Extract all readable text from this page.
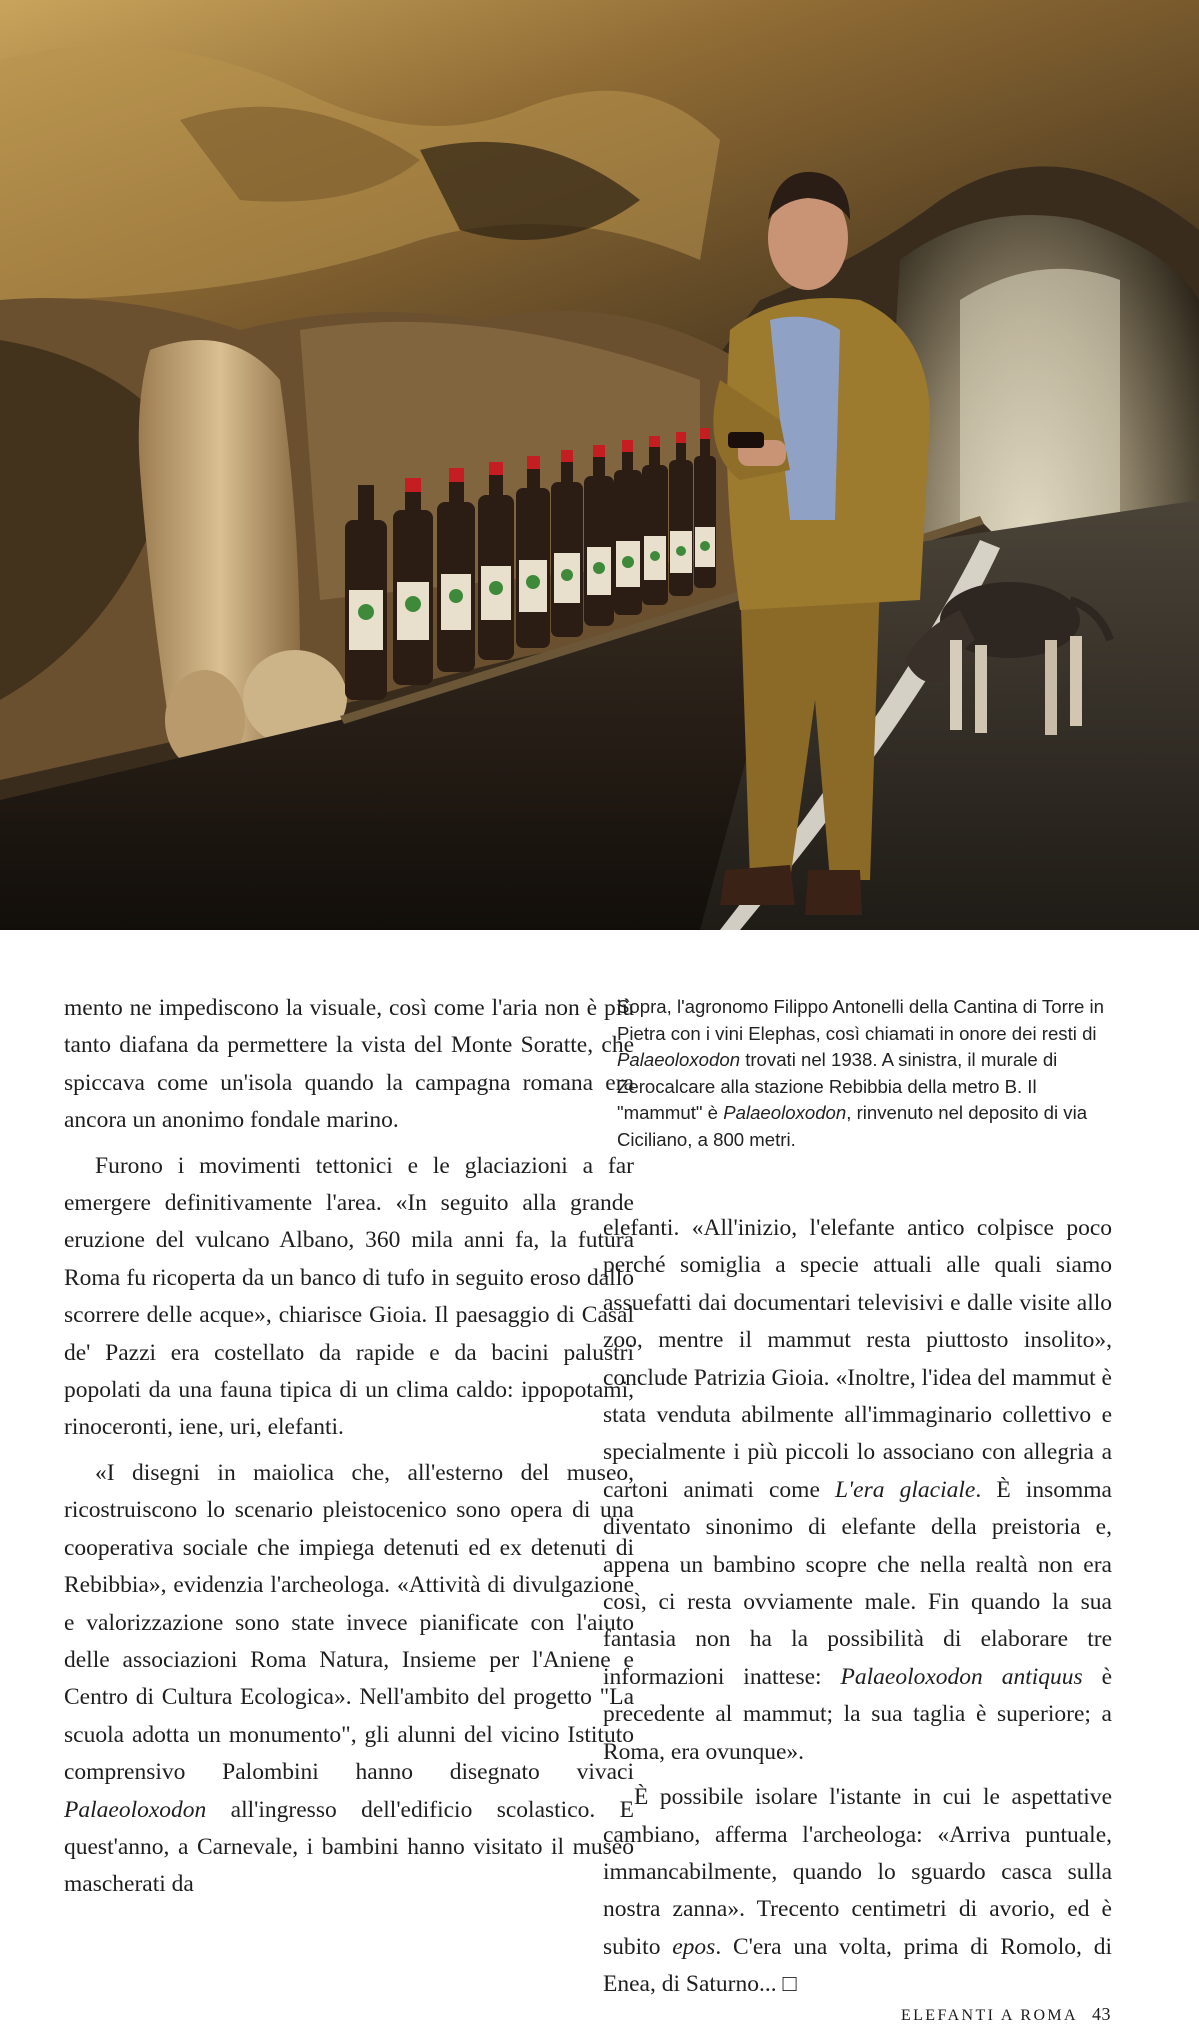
Sopra, l'agronomo Filippo Antonelli della Cantina di Torre in Pietra con i vini Elephas, così chiamati in onore dei resti di Palaeoloxodon trovati nel 1938. A sinistra, il murale di Zerocalcare alla stazione Rebibbia della metro B. Il "mammut" è Palaeoloxodon, rinvenuto nel deposito di via Ciciliano, a 800 metri.

mento ne impediscono la visuale, così come l'aria non è più tanto diafana da permettere la vista del Monte Soratte, che spiccava come un'isola quando la campagna romana era ancora un anonimo fondale marino.

Furono i movimenti tettonici e le glaciazioni a far emergere definitivamente l'area. «In seguito alla grande eruzione del vulcano Albano, 360 mila anni fa, la futura Roma fu ricoperta da un banco di tufo in seguito eroso dallo scorrere delle acque», chiarisce Gioia. Il paesaggio di Casal de' Pazzi era costellato da rapide e da bacini palustri popolati da una fauna tipica di un clima caldo: ippopotami, rinoceronti, iene, uri, elefanti.

«I disegni in maiolica che, all'esterno del museo, ricostruiscono lo scenario pleistocenico sono opera di una cooperativa sociale che impiega detenuti ed ex detenuti di Rebibbia», evidenzia l'archeologa. «Attività di divulgazione e valorizzazione sono state invece pianificate con l'aiuto delle associazioni Roma Natura, Insieme per l'Aniene e Centro di Cultura Ecologica». Nell'ambito del progetto "La scuola adotta un monumento", gli alunni del vicino Istituto comprensivo Palombini hanno disegnato vivaci Palaeoloxodon all'ingresso dell'edificio scolastico. E quest'anno, a Carnevale, i bambini hanno visitato il museo mascherati da

elefanti. «All'inizio, l'elefante antico colpisce poco perché somiglia a specie attuali alle quali siamo assuefatti dai documentari televisivi e dalle visite allo zoo, mentre il mammut resta piuttosto insolito», conclude Patrizia Gioia. «Inoltre, l'idea del mammut è stata venduta abilmente all'immaginario collettivo e specialmente i più piccoli lo associano con allegria a cartoni animati come L'era glaciale. È insomma diventato sinonimo di elefante della preistoria e, appena un bambino scopre che nella realtà non era così, ci resta ovviamente male. Fin quando la sua fantasia non ha la possibilità di elaborare tre informazioni inattese: Palaeoloxodon antiquus è precedente al mammut; la sua taglia è superiore; a Roma, era ovunque».

È possibile isolare l'istante in cui le aspettative cambiano, afferma l'archeologa: «Arriva puntuale, immancabilmente, quando lo sguardo casca sulla nostra zanna». Trecento centimetri di avorio, ed è subito epos. C'era una volta, prima di Romolo, di Enea, di Saturno... □

ELEFANTI A ROMA 43
